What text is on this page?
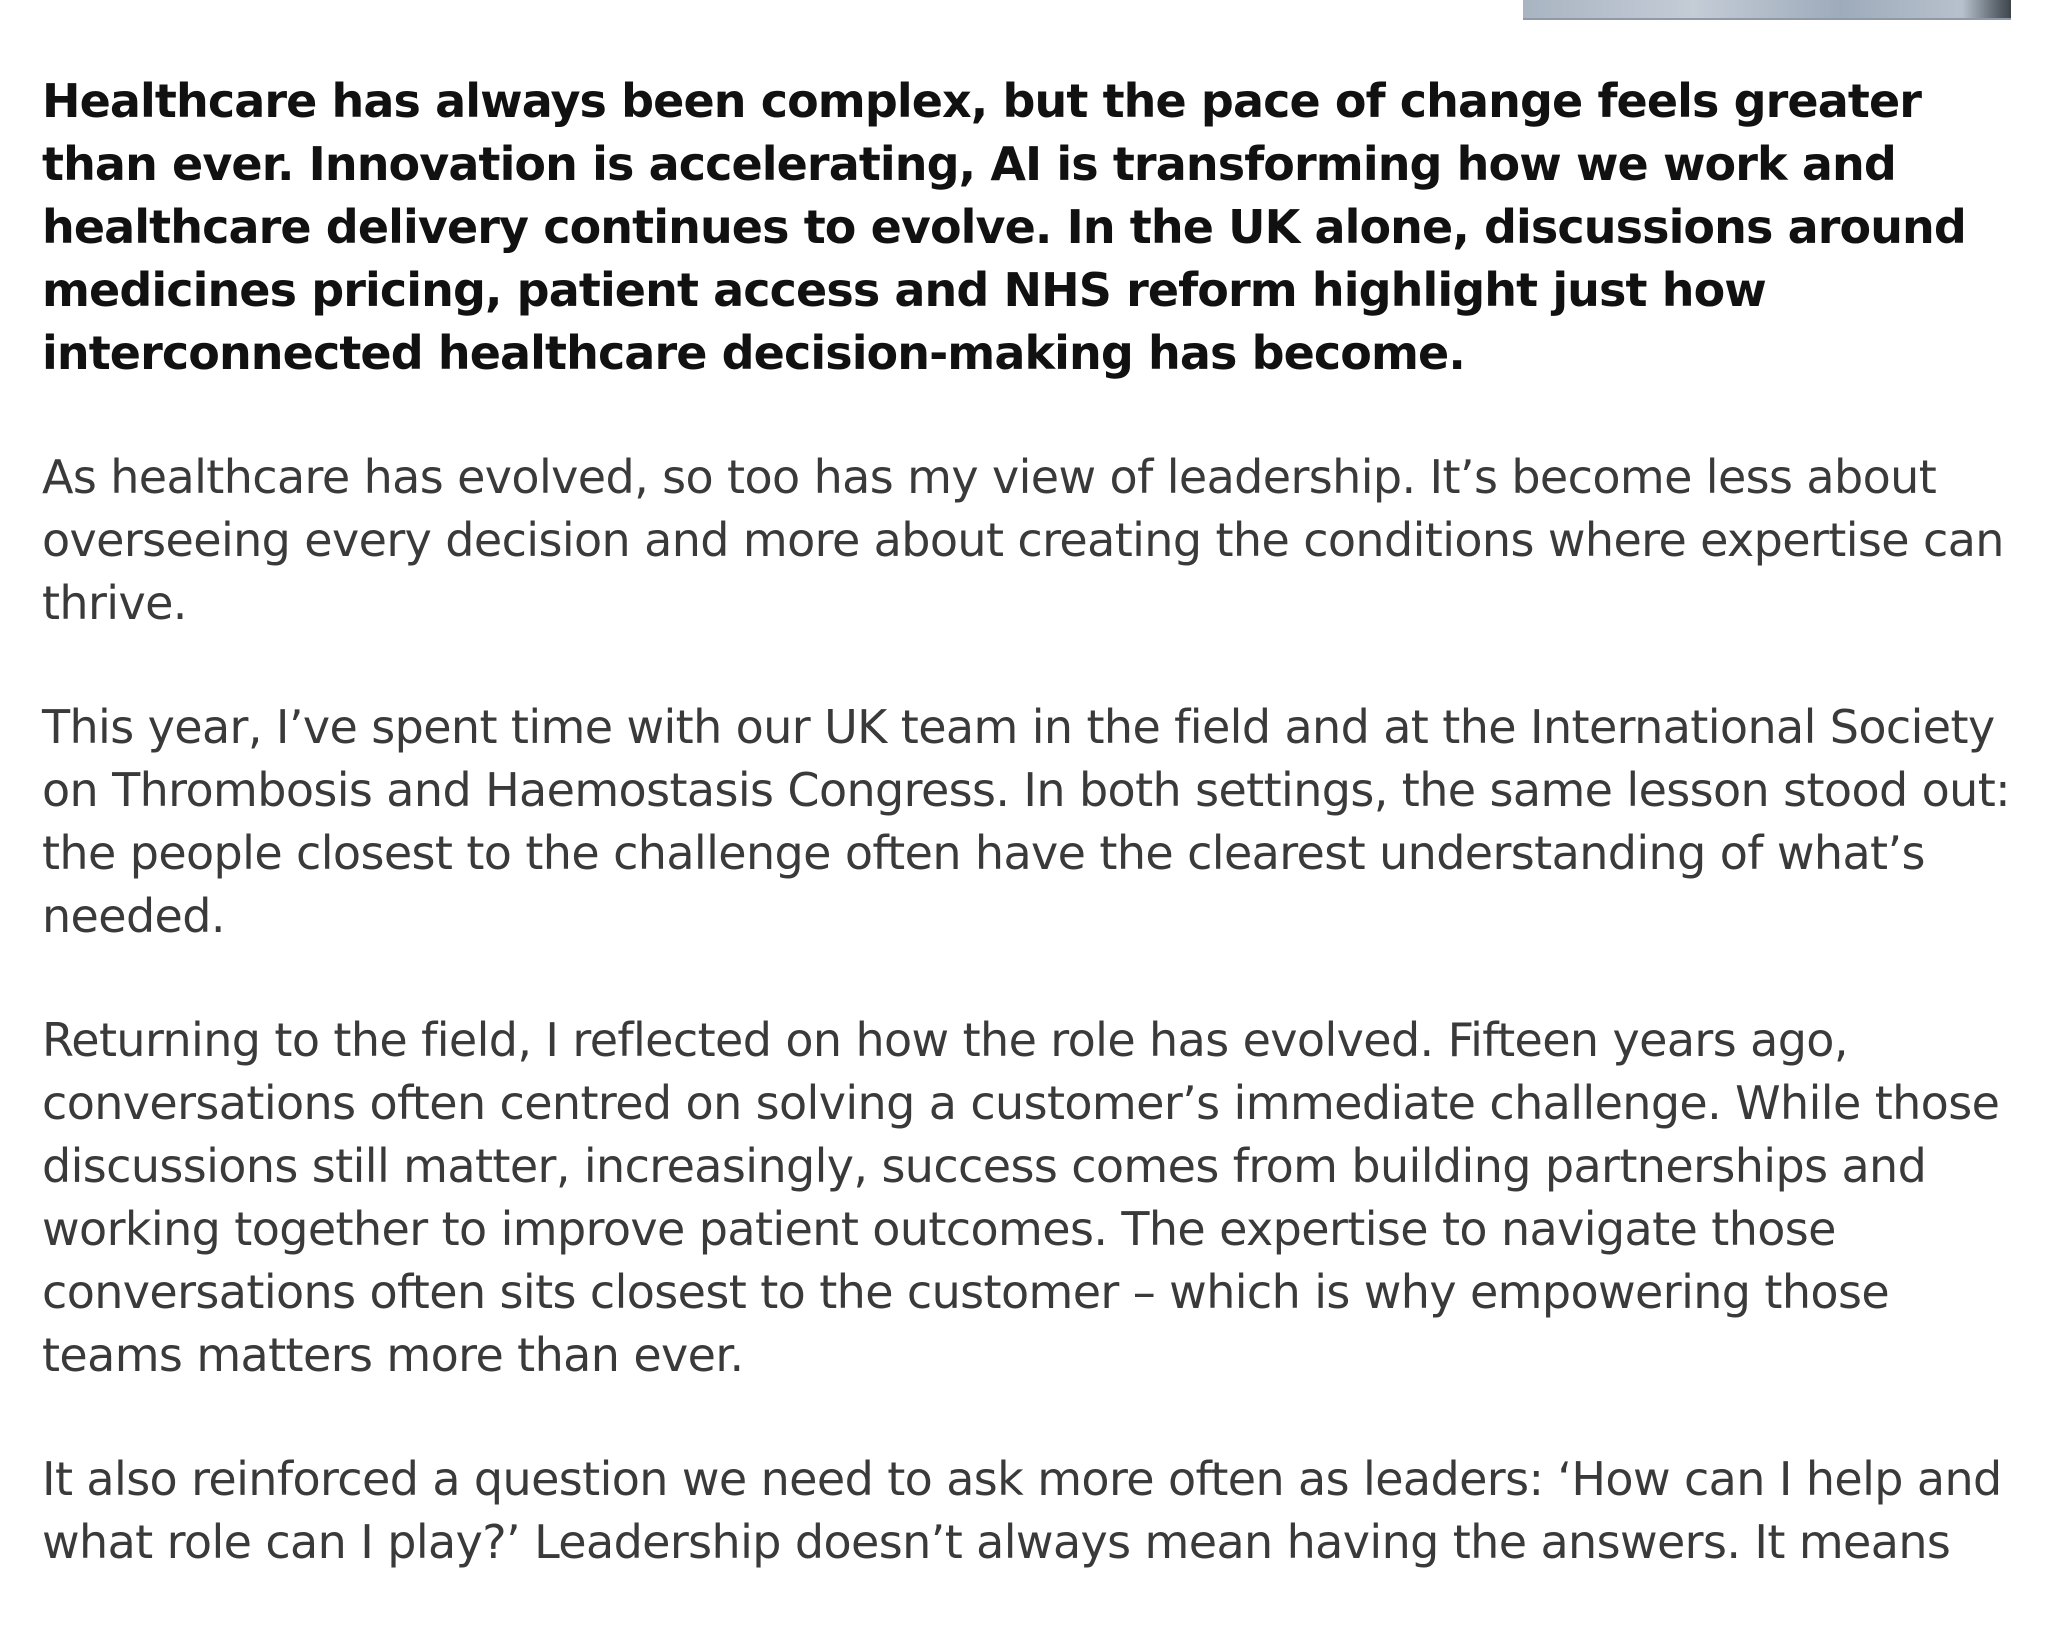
Healthcare has always been complex, but the pace of change feels greater than ever. Innovation is accelerating, AI is transforming how we work and healthcare delivery continues to evolve. In the UK alone, discussions around medicines pricing, patient access and NHS reform highlight just how interconnected healthcare decision-making has become.

As healthcare has evolved, so too has my view of leadership. It’s become less about overseeing every decision and more about creating the conditions where expertise can thrive.

This year, I’ve spent time with our UK team in the field and at the International Society on Thrombosis and Haemostasis Congress. In both settings, the same lesson stood out: the people closest to the challenge often have the clearest understanding of what’s needed.

Returning to the field, I reflected on how the role has evolved. Fifteen years ago, conversations often centred on solving a customer’s immediate challenge. While those discussions still matter, increasingly, success comes from building partnerships and working together to improve patient outcomes. The expertise to navigate those conversations often sits closest to the customer – which is why empowering those teams matters more than ever.

It also reinforced a question we need to ask more often as leaders: ‘How can I help and what role can I play?’ Leadership doesn’t always mean having the answers. It means
